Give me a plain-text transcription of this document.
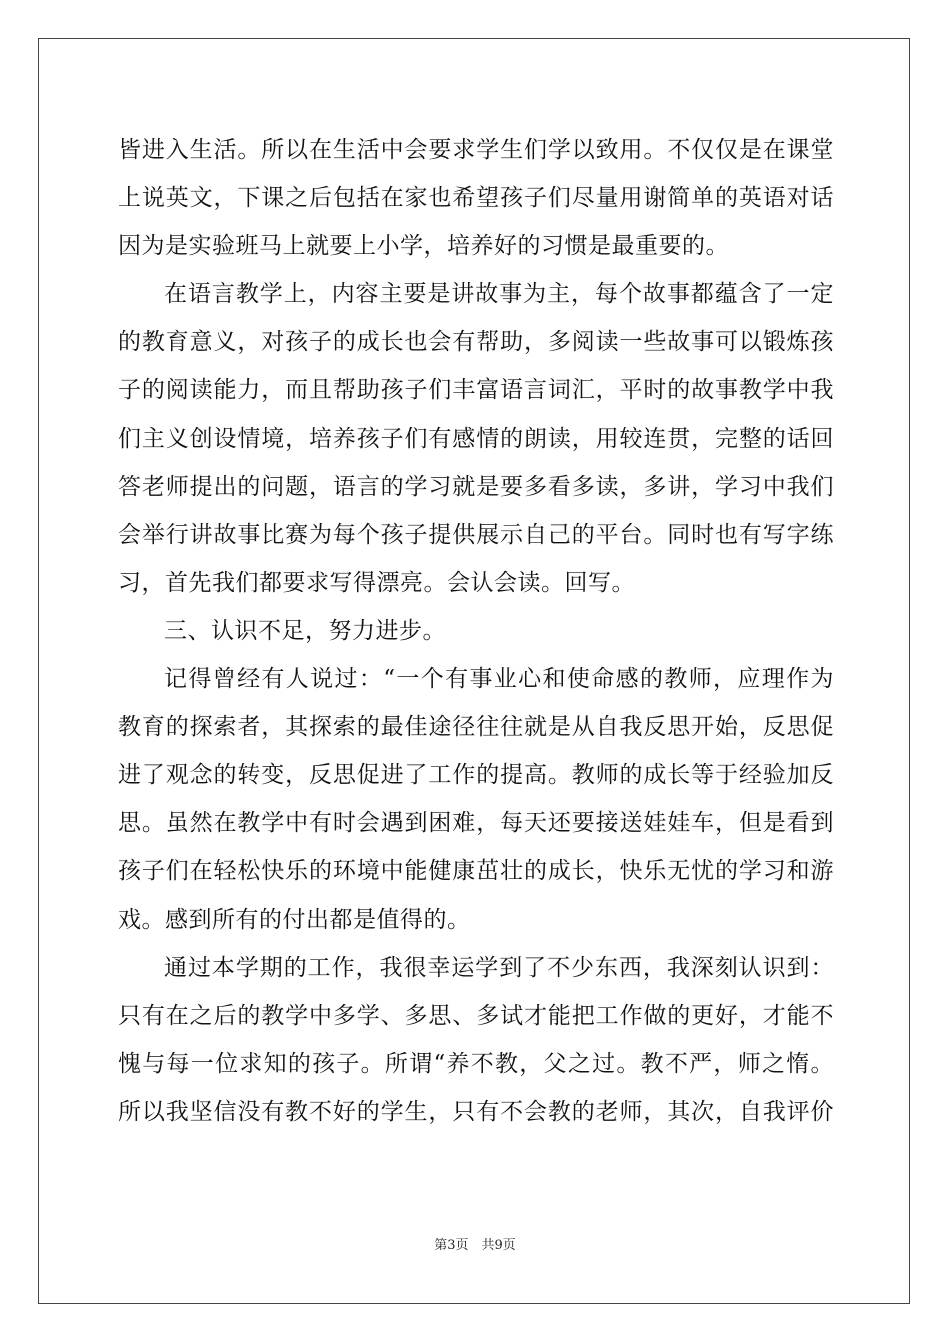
皆进入生活。所以在生活中会要求学生们学以致用。不仅仅是在课堂
上说英文，下课之后包括在家也希望孩子们尽量用谢简单的英语对话
因为是实验班马上就要上小学，培养好的习惯是最重要的。
在语言教学上，内容主要是讲故事为主，每个故事都蕴含了一定
的教育意义，对孩子的成长也会有帮助，多阅读一些故事可以锻炼孩
子的阅读能力，而且帮助孩子们丰富语言词汇，平时的故事教学中我
们主义创设情境，培养孩子们有感情的朗读，用较连贯，完整的话回
答老师提出的问题，语言的学习就是要多看多读，多讲，学习中我们
会举行讲故事比赛为每个孩子提供展示自己的平台。同时也有写字练
习，首先我们都要求写得漂亮。会认会读。回写。
三、认识不足，努力进步。
记得曾经有人说过：“一个有事业心和使命感的教师，应理作为
教育的探索者，其探索的最佳途径往往就是从自我反思开始，反思促
进了观念的转变，反思促进了工作的提高。教师的成长等于经验加反
思。虽然在教学中有时会遇到困难，每天还要接送娃娃车，但是看到
孩子们在轻松快乐的环境中能健康茁壮的成长，快乐无忧的学习和游
戏。感到所有的付出都是值得的。
通过本学期的工作，我很幸运学到了不少东西，我深刻认识到：
只有在之后的教学中多学、多思、多试才能把工作做的更好，才能不
愧与每一位求知的孩子。所谓“养不教，父之过。教不严，师之惰。
所以我坚信没有教不好的学生，只有不会教的老师，其次，自我评价
第3页　共9页
